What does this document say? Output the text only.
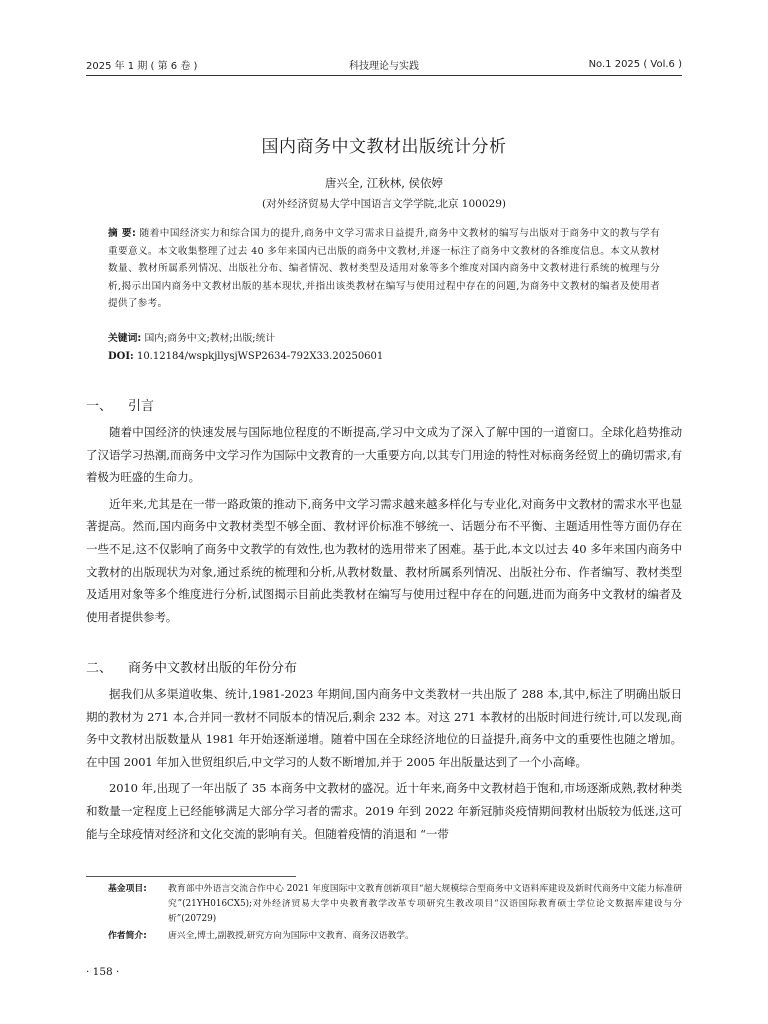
2025 年 1 期 ( 第 6 卷 )	科技理论与实践	No.1 2025 ( Vol.6 )
国内商务中文教材出版统计分析
唐兴全, 江秋林, 侯依婷
(对外经济贸易大学中国语言文学学院,北京 100029)
摘 要: 随着中国经济实力和综合国力的提升,商务中文学习需求日益提升,商务中文教材的编写与出版对于商务中文的教与学有重要意义。本文收集整理了过去 40 多年来国内已出版的商务中文教材,并逐一标注了商务中文教材的各维度信息。本文从教材数量、教材所属系列情况、出版社分布、编者情况、教材类型及适用对象等多个维度对国内商务中文教材进行系统的梳理与分析,揭示出国内商务中文教材出版的基本现状,并指出该类教材在编写与使用过程中存在的问题,为商务中文教材的编者及使用者提供了参考。
关键词: 国内;商务中文;教材;出版;统计
DOI: 10.12184/wspkjllysjWSP2634-792X33.20250601
一、 引言

随着中国经济的快速发展与国际地位程度的不断提高,学习中文成为了深入了解中国的一道窗口。全球化趋势推动了汉语学习热潮,而商务中文学习作为国际中文教育的一大重要方向,以其专门用途的特性对标商务经贸上的确切需求,有着极为旺盛的生命力。

近年来,尤其是在一带一路政策的推动下,商务中文学习需求越来越多样化与专业化,对商务中文教材的需求水平也显著提高。然而,国内商务中文教材类型不够全面、教材评价标准不够统一、话题分布不平衡、主题适用性等方面仍存在一些不足,这不仅影响了商务中文教学的有效性,也为教材的选用带来了困难。基于此,本文以过去 40 多年来国内商务中文教材的出版现状为对象,通过系统的梳理和分析,从教材数量、教材所属系列情况、出版社分布、作者编写、教材类型及适用对象等多个维度进行分析,试图揭示目前此类教材在编写与使用过程中存在的问题,进而为商务中文教材的编者及使用者提供参考。

二、 商务中文教材出版的年份分布

据我们从多渠道收集、统计,1981-2023 年期间,国内商务中文类教材一共出版了 288 本,其中,标注了明确出版日期的教材为 271 本,合并同一教材不同版本的情况后,剩余 232 本。对这 271 本教材的出版时间进行统计,可以发现,商务中文教材出版数量从 1981 年开始逐渐递增。随着中国在全球经济地位的日益提升,商务中文的重要性也随之增加。在中国 2001 年加入世贸组织后,中文学习的人数不断增加,并于 2005 年出版量达到了一个小高峰。

2010 年,出现了一年出版了 35 本商务中文教材的盛况。近十年来,商务中文教材趋于饱和,市场逐渐成熟,教材种类和数量一定程度上已经能够满足大部分学习者的需求。2019 年到 2022 年新冠肺炎疫情期间教材出版较为低迷,这可能与全球疫情对经济和文化交流的影响有关。但随着疫情的消退和 “一带

基金项目:	教育部中外语言交流合作中心 2021 年度国际中文教育创新项目“超大规模综合型商务中文语料库建设及新时代商务中文能力标准研究”(21YH016CX5);对外经济贸易大学中央教育教学改革专项研究生教改项目“汉语国际教育硕士学位论文数据库建设与分析”(20729)
作者简介:	唐兴全,博士,副教授,研究方向为国际中文教育、商务汉语教学。
· 158 ·
